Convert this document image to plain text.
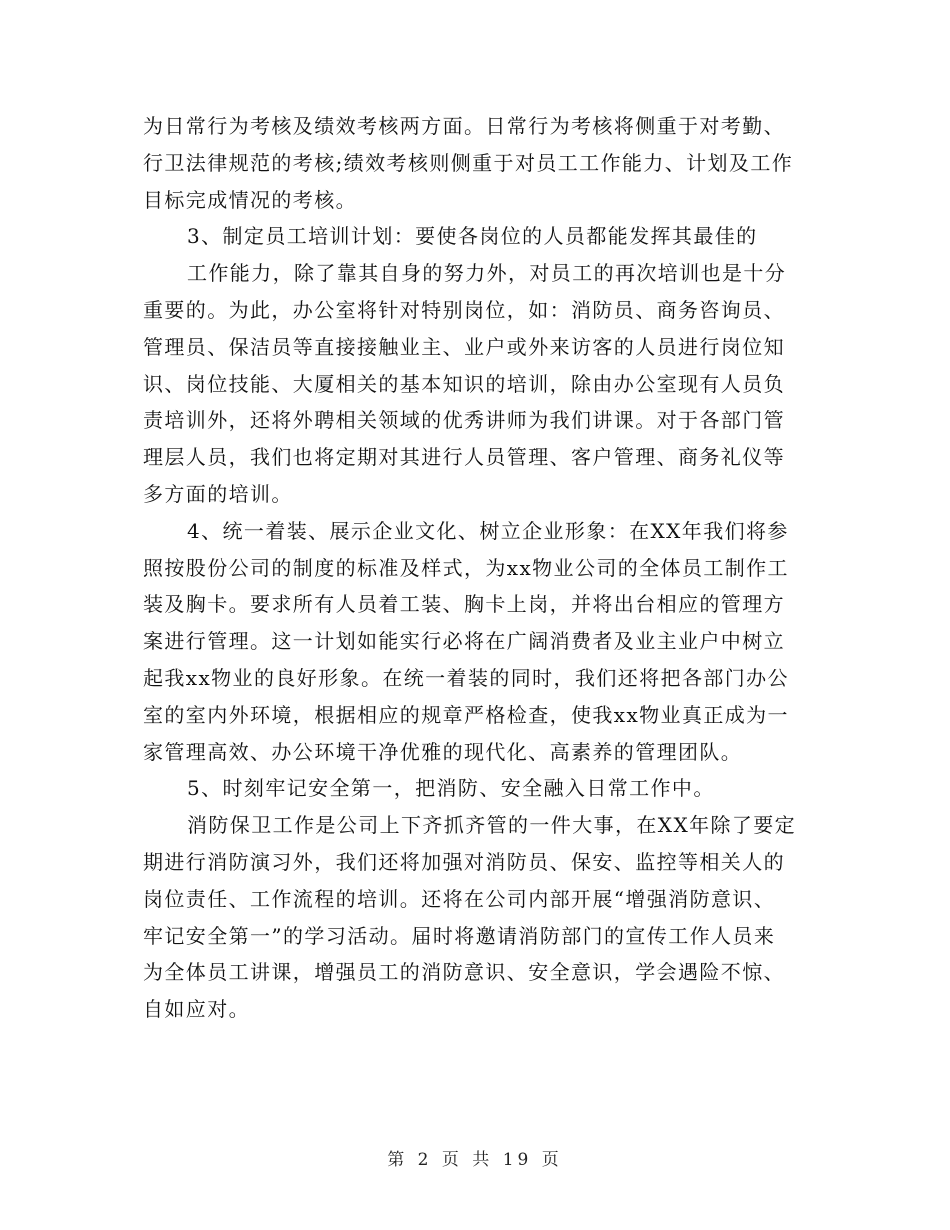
为日常行为考核及绩效考核两方面。日常行为考核将侧重于对考勤、
行卫法律规范的考核;绩效考核则侧重于对员工工作能力、计划及工作
目标完成情况的考核。

3、制定员工培训计划：要使各岗位的人员都能发挥其最佳的

工作能力，除了靠其自身的努力外，对员工的再次培训也是十分
重要的。为此，办公室将针对特别岗位，如：消防员、商务咨询员、
管理员、保洁员等直接接触业主、业户或外来访客的人员进行岗位知
识、岗位技能、大厦相关的基本知识的培训，除由办公室现有人员负
责培训外，还将外聘相关领域的优秀讲师为我们讲课。对于各部门管
理层人员，我们也将定期对其进行人员管理、客户管理、商务礼仪等
多方面的培训。

4、统一着装、展示企业文化、树立企业形象：在XX年我们将参
照按股份公司的制度的标准及样式，为xx物业公司的全体员工制作工
装及胸卡。要求所有人员着工装、胸卡上岗，并将出台相应的管理方
案进行管理。这一计划如能实行必将在广阔消费者及业主业户中树立
起我xx物业的良好形象。在统一着装的同时，我们还将把各部门办公
室的室内外环境，根据相应的规章严格检查，使我xx物业真正成为一
家管理高效、办公环境干净优雅的现代化、高素养的管理团队。

5、时刻牢记安全第一，把消防、安全融入日常工作中。

消防保卫工作是公司上下齐抓齐管的一件大事，在XX年除了要定
期进行消防演习外，我们还将加强对消防员、保安、监控等相关人的
岗位责任、工作流程的培训。还将在公司内部开展“增强消防意识、
牢记安全第一”的学习活动。届时将邀请消防部门的宣传工作人员来
为全体员工讲课，增强员工的消防意识、安全意识，学会遇险不惊、
自如应对。

第 2 页 共 19 页
